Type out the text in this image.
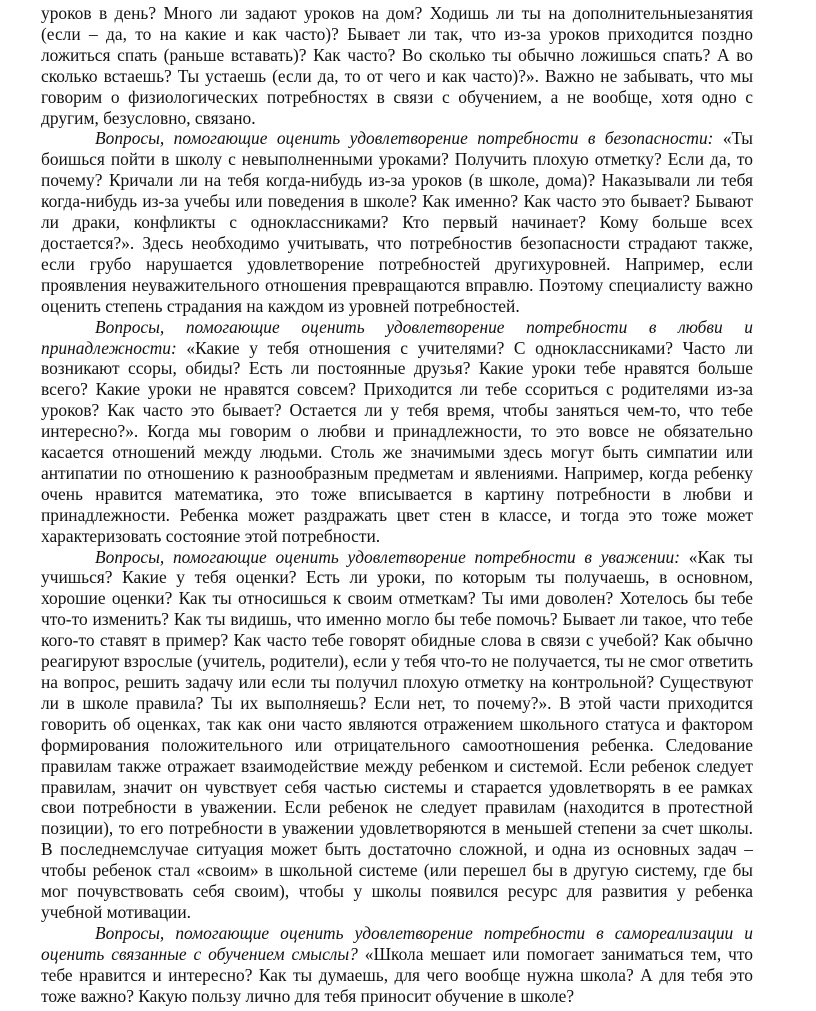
уроков в день? Много ли задают уроков на дом? Ходишь ли ты на дополнительныезанятия (если – да, то на какие и как часто)? Бывает ли так, что из-за уроков приходится поздно ложиться спать (раньше вставать)? Как часто? Во сколько ты обычно ложишься спать? А во сколько встаешь? Ты устаешь (если да, то от чего и как часто)?». Важно не забывать, что мы говорим о физиологических потребностях в связи с обучением, а не вообще, хотя одно с другим, безусловно, связано.

Вопросы, помогающие оценить удовлетворение потребности в безопасности: «Ты боишься пойти в школу с невыполненными уроками? Получить плохую отметку? Если да, то почему? Кричали ли на тебя когда-нибудь из-за уроков (в школе, дома)? Наказывали ли тебя когда-нибудь из-за учебы или поведения в школе? Как именно? Как часто это бывает? Бывают ли драки, конфликты с одноклассниками? Кто первый начинает? Кому больше всех достается?». Здесь необходимо учитывать, что потребностив безопасности страдают также, если грубо нарушается удовлетворение потребностей другихуровней. Например, если проявления неуважительного отношения превращаются вправлю. Поэтому специалисту важно оценить степень страдания на каждом из уровней потребностей.

Вопросы, помогающие оценить удовлетворение потребности в любви и принадлежности: «Какие у тебя отношения с учителями? С одноклассниками? Часто ли возникают ссоры, обиды? Есть ли постоянные друзья? Какие уроки тебе нравятся больше всего? Какие уроки не нравятся совсем? Приходится ли тебе ссориться с родителями из-за уроков? Как часто это бывает? Остается ли у тебя время, чтобы заняться чем-то, что тебе интересно?». Когда мы говорим о любви и принадлежности, то это вовсе не обязательно касается отношений между людьми. Столь же значимыми здесь могут быть симпатии или антипатии по отношению к разнообразным предметам и явлениями. Например, когда ребенку очень нравится математика, это тоже вписывается в картину потребности в любви и принадлежности. Ребенка может раздражать цвет стен в классе, и тогда это тоже может характеризовать состояние этой потребности.

Вопросы, помогающие оценить удовлетворение потребности в уважении: «Как ты учишься? Какие у тебя оценки? Есть ли уроки, по которым ты получаешь, в основном, хорошие оценки? Как ты относишься к своим отметкам? Ты ими доволен? Хотелось бы тебе что-то изменить? Как ты видишь, что именно могло бы тебе помочь? Бывает ли такое, что тебе кого-то ставят в пример? Как часто тебе говорят обидные слова в связи с учебой? Как обычно реагируют взрослые (учитель, родители), если у тебя что-то не получается, ты не смог ответить на вопрос, решить задачу или если ты получил плохую отметку на контрольной? Существуют ли в школе правила? Ты их выполняешь? Если нет, то почему?». В этой части приходится говорить об оценках, так как они часто являются отражением школьного статуса и фактором формирования положительного или отрицательного самоотношения ребенка. Следование правилам также отражает взаимодействие между ребенком и системой. Если ребенок следует правилам, значит он чувствует себя частью системы и старается удовлетворять в ее рамках свои потребности в уважении. Если ребенок не следует правилам (находится в протестной позиции), то его потребности в уважении удовлетворяются в меньшей степени за счет школы. В последнемслучае ситуация может быть достаточно сложной, и одна из основных задач – чтобы ребенок стал «своим» в школьной системе (или перешел бы в другую систему, где бы мог почувствовать себя своим), чтобы у школы появился ресурс для развития у ребенка учебной мотивации.

Вопросы, помогающие оценить удовлетворение потребности в самореализации и оценить связанные с обучением смыслы? «Школа мешает или помогает заниматься тем, что тебе нравится и интересно? Как ты думаешь, для чего вообще нужна школа? А для тебя это тоже важно? Какую пользу лично для тебя приносит обучение в школе?
